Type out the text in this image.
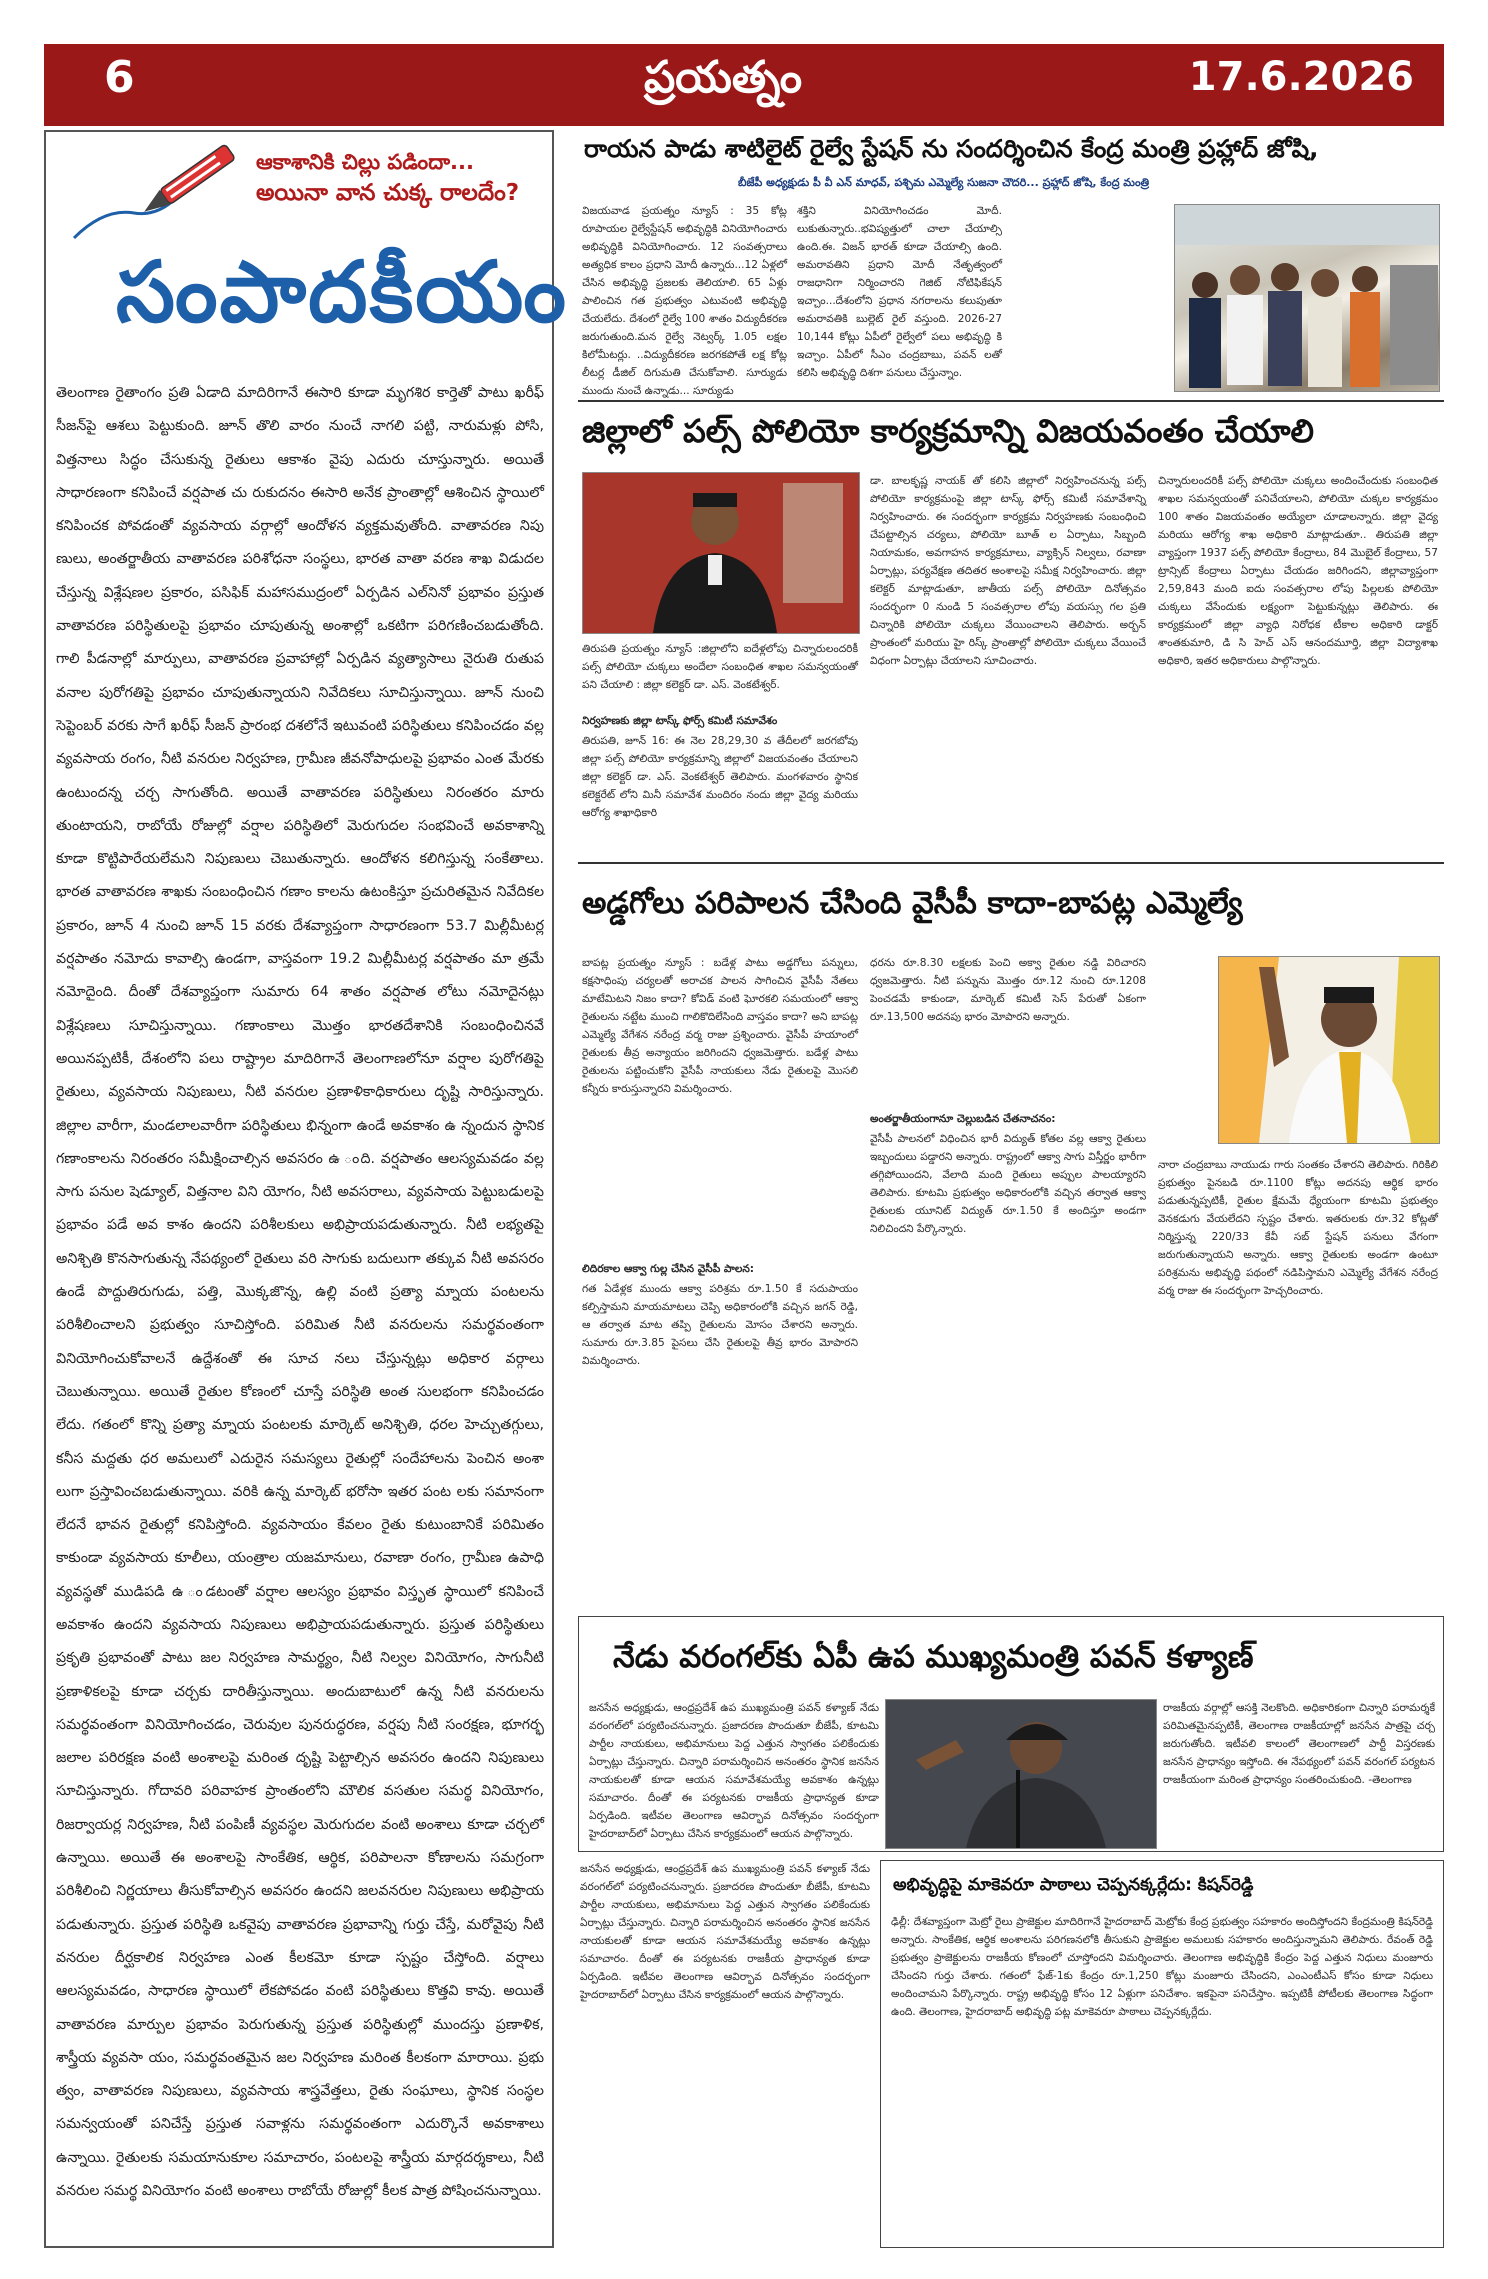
6	ప్రయత్నం	17.6.2026
ఆకాశానికి చిల్లు పడిందా...
అయినా వాన చుక్క రాలదేం?
సంపాదకీయం
తెలంగాణ రైతాంగం ప్రతి ఏడాది మాదిరిగానే ఈసారి కూడా మృగశిర కార్తెతో పాటు ఖరీఫ్ సీజన్‌పై ఆశలు పెట్టుకుంది. జూన్ తొలి వారం నుంచే నాగలి పట్టి, నారుమళ్లు పోసి, విత్తనాలు సిద్ధం చేసుకున్న రైతులు ఆకాశం వైపు ఎదురు చూస్తున్నారు. అయితే సాధారణంగా కనిపించే వర్షపాత చు రుకుదనం ఈసారి అనేక ప్రాంతాల్లో ఆశించిన స్థాయిలో కనిపించక పోవడంతో వ్యవసాయ వర్గాల్లో ఆందోళన వ్యక్తమవుతోంది. వాతావరణ నిపు ణులు, అంతర్జాతీయ వాతావరణ పరిశోధనా సంస్థలు, భారత వాతా వరణ శాఖ విడుదల చేస్తున్న విశ్లేషణల ప్రకారం, పసిఫిక్ మహాసముద్రంలో ఏర్పడిన ఎల్‌నినో ప్రభావం ప్రస్తుత వాతావరణ పరిస్థితులపై ప్రభావం చూపుతున్న అంశాల్లో ఒకటిగా పరిగణించబడుతోంది. గాలి పీడనాల్లో మార్పులు, వాతావరణ ప్రవాహాల్లో ఏర్పడిన వ్యత్యాసాలు నైరుతి రుతుప వనాల పురోగతిపై ప్రభావం చూపుతున్నాయని నివేదికలు సూచిస్తున్నాయి. జూన్ నుంచి సెప్టెంబర్ వరకు సాగే ఖరీఫ్ సీజన్ ప్రారంభ దశలోనే ఇటువంటి పరిస్థితులు కనిపించడం వల్ల వ్యవసాయ రంగం, నీటి వనరుల నిర్వహణ, గ్రామీణ జీవనోపాధులపై ప్రభావం ఎంత మేరకు ఉంటుందన్న చర్చ సాగుతోంది. అయితే వాతావరణ పరిస్థితులు నిరంతరం మారు తుంటాయని, రాబోయే రోజుల్లో వర్షాల పరిస్థితిలో మెరుగుదల సంభవించే అవకాశాన్ని కూడా కొట్టిపారేయలేమని నిపుణులు చెబుతున్నారు. ఆందోళన కలిగిస్తున్న సంకేతాలు. భారత వాతావరణ శాఖకు సంబంధించిన గణాం కాలను ఉటంకిస్తూ ప్రచురితమైన నివేదికల ప్రకారం, జూన్ 4 నుంచి జూన్ 15 వరకు దేశవ్యాప్తంగా సాధారణంగా 53.7 మిల్లీమీటర్ల వర్షపాతం నమోదు కావాల్సి ఉండగా, వాస్తవంగా 19.2 మిల్లీమీటర్ల వర్షపాతం మా త్రమే నమోదైంది. దీంతో దేశవ్యాప్తంగా సుమారు 64 శాతం వర్షపాత లోటు నమోదైనట్లు విశ్లేషణలు సూచిస్తున్నాయి. గణాంకాలు మొత్తం భారతదేశానికి సంబంధించినవే అయినప్పటికీ, దేశంలోని పలు రాష్ట్రాల మాదిరిగానే తెలంగాణలోనూ వర్షాల పురోగతిపై రైతులు, వ్యవసాయ నిపుణులు, నీటి వనరుల ప్రణాళికాధికారులు దృష్టి సారిస్తున్నారు. జిల్లాల వారీగా, మండలాలవారీగా పరిస్థితులు భిన్నంగా ఉండే అవకాశం ఉ న్నందున స్థానిక గణాంకాలను నిరంతరం సమీక్షించాల్సిన అవసరం ఉ ంది. వర్షపాతం ఆలస్యమవడం వల్ల సాగు పనుల షెడ్యూల్, విత్తనాల విని యోగం, నీటి అవసరాలు, వ్యవసాయ పెట్టుబడులపై ప్రభావం పడే అవ కాశం ఉందని పరిశీలకులు అభిప్రాయపడుతున్నారు. నీటి లభ్యతపై అనిశ్చితి కొనసాగుతున్న నేపథ్యంలో రైతులు వరి సాగుకు బదులుగా తక్కువ నీటి అవసరం ఉండే పొద్దుతిరుగుడు, పత్తి, మొక్కజొన్న, ఉల్లి వంటి ప్రత్యా మ్నాయ పంటలను పరిశీలించాలని ప్రభుత్వం సూచిస్తోంది. పరిమిత నీటి వనరులను సమర్థవంతంగా వినియోగించుకోవాలనే ఉద్దేశంతో ఈ సూచ నలు చేస్తున్నట్లు అధికార వర్గాలు చెబుతున్నాయి. అయితే రైతుల కోణంలో చూస్తే పరిస్థితి అంత సులభంగా కనిపించడం లేదు. గతంలో కొన్ని ప్రత్యా మ్నాయ పంటలకు మార్కెట్ అనిశ్చితి, ధరల హెచ్చుతగ్గులు, కనీస మద్దతు ధర అమలులో ఎదురైన సమస్యలు రైతుల్లో సందేహాలను పెంచిన అంశా లుగా ప్రస్తావించబడుతున్నాయి. వరికి ఉన్న మార్కెట్ భరోసా ఇతర పంట లకు సమానంగా లేదనే భావన రైతుల్లో కనిపిస్తోంది. వ్యవసాయం కేవలం రైతు కుటుంబానికే పరిమితం కాకుండా వ్యవసాయ కూలీలు, యంత్రాల యజమానులు, రవాణా రంగం, గ్రామీణ ఉపాధి వ్యవస్థతో ముడిపడి ఉ ండటంతో వర్షాల ఆలస్యం ప్రభావం విస్తృత స్థాయిలో కనిపించే అవకాశం ఉందని వ్యవసాయ నిపుణులు అభిప్రాయపడుతున్నారు. ప్రస్తుత పరిస్థితులు ప్రకృతి ప్రభావంతో పాటు జల నిర్వహణ సామర్థ్యం, నీటి నిల్వల వినియోగం, సాగునీటి ప్రణాళికలపై కూడా చర్చకు దారితీస్తున్నాయి. అందుబాటులో ఉన్న నీటి వనరులను సమర్థవంతంగా వినియోగించడం, చెరువుల పునరుద్ధరణ, వర్షపు నీటి సంరక్షణ, భూగర్భ జలాల పరిరక్షణ వంటి అంశాలపై మరింత దృష్టి పెట్టాల్సిన అవసరం ఉందని నిపుణులు సూచిస్తున్నారు. గోదావరి పరివాహక ప్రాంతంలోని మౌలిక వసతుల సమర్థ వినియోగం, రిజర్వాయర్ల నిర్వహణ, నీటి పంపిణీ వ్యవస్థల మెరుగుదల వంటి అంశాలు కూడా చర్చలో ఉన్నాయి. అయితే ఈ అంశాలపై సాంకేతిక, ఆర్థిక, పరిపాలనా కోణాలను సమగ్రంగా పరిశీలించి నిర్ణయాలు తీసుకోవాల్సిన అవసరం ఉందని జలవనరుల నిపుణులు అభిప్రాయ పడుతున్నారు. ప్రస్తుత పరిస్థితి ఒకవైపు వాతావరణ ప్రభావాన్ని గుర్తు చేస్తే, మరోవైపు నీటి వనరుల దీర్ఘకాలిక నిర్వహణ ఎంత కీలకమో కూడా స్పష్టం చేస్తోంది. వర్షాలు ఆలస్యమవడం, సాధారణ స్థాయిలో లేకపోవడం వంటి పరిస్థితులు కొత్తవి కావు. అయితే వాతావరణ మార్పుల ప్రభావం పెరుగుతున్న ప్రస్తుత పరిస్థితుల్లో ముందస్తు ప్రణాళిక, శాస్త్రీయ వ్యవసా యం, సమర్థవంతమైన జల నిర్వహణ మరింత కీలకంగా మారాయి. ప్రభు త్వం, వాతావరణ నిపుణులు, వ్యవసాయ శాస్త్రవేత్తలు, రైతు సంఘాలు, స్థానిక సంస్థల సమన్వయంతో పనిచేస్తే ప్రస్తుత సవాళ్లను సమర్థవంతంగా ఎదుర్కొనే అవకాశాలు ఉన్నాయి. రైతులకు సమయానుకూల సమాచారం, పంటలపై శాస్త్రీయ మార్గదర్శకాలు, నీటి వనరుల సమర్థ వినియోగం వంటి అంశాలు రాబోయే రోజుల్లో కీలక పాత్ర పోషించనున్నాయి.
రాయన పాడు శాటిలైట్ రైల్వే స్టేషన్ ను సందర్శించిన కేంద్ర మంత్రి ప్రహ్లాద్ జోషి,
బీజేపీ అధ్యక్షుడు పీ వీ ఎన్ మాధవ్, పశ్చిమ ఎమ్మెల్యే సుజనా చౌదరి... ప్రహ్లాద్ జోషి, కేంద్ర మంత్రి
విజయవాడ ప్రయత్నం న్యూస్ : 35 కోట్ల రూపాయల రైల్వేస్టేషన్ అభివృద్ధికి వినియోగించారు అభివృద్ధికి వినియోగించారు. 12 సంవత్సరాలు అత్యధిక కాలం ప్రధాని మోదీ ఉన్నారు...12 ఏళ్లలో చేసిన అభివృద్ధి ప్రజలకు తెలియాలి. 65 ఏళ్లు పాలించిన గత ప్రభుత్వం ఎటువంటి అభివృద్ధి చేయలేదు. దేశంలో రైల్వే 100 శాతం విద్యుదీకరణ జరుగుతుంది.మన రైల్వే నెట్వర్క్ 1.05 లక్షల కిలోమీటర్లు. ..విద్యుదీకరణ జరగకపోతే లక్ష కోట్ల లీటర్ల డీజిల్ దిగుమతి చేసుకోవాలి. సూర్యుడు ముందు నుంచే ఉన్నాడు... సూర్యుడు
శక్తిని వినియోగించడం మోదీ. లుకుతున్నారు..భవిష్యత్తులో చాలా చేయాల్సి ఉంది.ఈ. విజన్ భారత్ కూడా చేయాల్సి ఉంది. అమరావతిని ప్రధాని మోదీ నేతృత్వంలో రాజధానిగా నిర్మించారని గెజిట్ నోటిఫికేషన్ ఇచ్చాం...దేశంలోని ప్రధాన నగరాలను కలుపుతూ అమరావతికి బుల్లెట్ రైల్ వస్తుంది. 2026-27 10,144 కోట్లు ఏపీలో రైల్వేలో పలు అభివృద్ధి కి ఇచ్చాం. ఏపీలో సీఎం చంద్రబాబు, పవన్ లతో కలిసి అభివృద్ధి దిశగా పనులు చేస్తున్నాం.
జిల్లాలో పల్స్ పోలియో కార్యక్రమాన్ని విజయవంతం చేయాలి
తిరుపతి ప్రయత్నం న్యూస్ :జిల్లాలోని ఐదేళ్లలోపు చిన్నారులందరికీ పల్స్ పోలియో చుక్కలు అందేలా సంబంధిత శాఖల సమన్వయంతో పని చేయాలి : జిల్లా కలెక్టర్ డా. ఎస్. వెంకటేశ్వర్.
నిర్వహణకు జిల్లా టాస్క్ ఫోర్స్ కమిటీ సమావేశం
తిరుపతి, జూన్ 16: ఈ నెల 28,29,30 వ తేదీలలో జరగబోవు జిల్లా పల్స్ పోలియో కార్యక్రమాన్ని జిల్లాలో విజయవంతం చేయాలని జిల్లా కలెక్టర్ డా. ఎస్. వెంకటేశ్వర్ తెలిపారు. మంగళవారం స్థానిక కలెక్టరేట్ లోని మినీ సమావేశ మందిరం నందు జిల్లా వైద్య మరియు ఆరోగ్య శాఖాధికారి
డా. బాలకృష్ణ నాయక్ తో కలిసి జిల్లాలో నిర్వహించనున్న పల్స్ పోలియో కార్యక్రమంపై జిల్లా టాస్క్ ఫోర్స్ కమిటీ సమావేశాన్ని నిర్వహించారు. ఈ సందర్భంగా కార్యక్రమ నిర్వహణకు సంబంధించి చేపట్టాల్సిన చర్యలు, పోలియో బూత్ ల ఏర్పాటు, సిబ్బంది నియామకం, అవగాహన కార్యక్రమాలు, వ్యాక్సిన్ నిల్వలు, రవాణా ఏర్పాట్లు, పర్యవేక్షణ తదితర అంశాలపై సమీక్ష నిర్వహించారు. జిల్లా కలెక్టర్ మాట్లాడుతూ, జాతీయ పల్స్ పోలియో దినోత్సవం సందర్భంగా 0 నుండి 5 సంవత్సరాల లోపు వయస్సు గల ప్రతి చిన్నారికి పోలియో చుక్కలు వేయించాలని తెలిపారు. అర్బన్ ప్రాంతంలో మరియు హై రిస్క్ ప్రాంతాల్లో పోలియో చుక్కలు వేయించే విధంగా ఏర్పాట్లు చేయాలని సూచించారు.
చిన్నారులందరికీ పల్స్ పోలియో చుక్కలు అందించేందుకు సంబంధిత శాఖల సమన్వయంతో పనిచేయాలని, పోలియో చుక్కల కార్యక్రమం 100 శాతం విజయవంతం అయ్యేలా చూడాలన్నారు. జిల్లా వైద్య మరియు ఆరోగ్య శాఖ అధికారి మాట్లాడుతూ.. తిరుపతి జిల్లా వ్యాప్తంగా 1937 పల్స్ పోలియో కేంద్రాలు, 84 మొబైల్ కేంద్రాలు, 57 ట్రాన్సిట్ కేంద్రాలు ఏర్పాటు చేయడం జరిగిందని, జిల్లావ్యాప్తంగా 2,59,843 మంది ఐదు సంవత్సరాల లోపు పిల్లలకు పోలియో చుక్కలు వేసేందుకు లక్ష్యంగా పెట్టుకున్నట్లు తెలిపారు. ఈ కార్యక్రమంలో జిల్లా వ్యాధి నిరోధక టీకాల అధికారి డాక్టర్ శాంతకుమారి, డి సి హెచ్ ఎస్ ఆనందమూర్తి, జిల్లా విద్యాశాఖ అధికారి, ఇతర అధికారులు పాల్గొన్నారు.
అడ్డగోలు పరిపాలన చేసింది వైసీపీ కాదా-బాపట్ల ఎమ్మెల్యే
బాపట్ల ప్రయత్నం న్యూస్ : బడేళ్ల పాటు అడ్డగోలు పన్నులు, కక్షసాధింపు చర్యలతో అరాచక పాలన సాగించిన వైసీపీ నేతలు మాటేమిటని నిజం కాదా? కోవిడ్ వంటి ఘోరకలి సమయంలో ఆక్వా రైతులను నట్టేట ముంచి గాలికొదిలేసింది వాస్తవం కాదా? అని బాపట్ల ఎమ్మెల్యే వేగేశన నరేంద్ర వర్మ రాజు ప్రశ్నించారు. వైసీపీ హయాంలో రైతులకు తీవ్ర అన్యాయం జరిగిందని ధ్వజమెత్తారు. బడేళ్ల పాటు రైతులను పట్టించుకోని వైసీపీ నాయకులు నేడు రైతులపై మొసలి కన్నీరు కారుస్తున్నారని విమర్శించారు.
లిదిరకాల ఆక్వా గుల్ల చేసిన వైసీపీ పాలన:
గత ఏడేళ్లక ముందు ఆక్వా పరిశ్రమ రూ.1.50 కే సదుపాయం కల్పిస్తామని మాయమాటలు చెప్పి అధికారంలోకి వచ్చిన జగన్ రెడ్డి, ఆ తర్వాత మాట తప్పి రైతులను మోసం చేశారని అన్నారు. సుమారు రూ.3.85 పైసలు చేసి రైతులపై తీవ్ర భారం మోపారని విమర్శించారు.
ధరను రూ.8.30 లక్షలకు పెంచి అక్వా రైతుల నడ్డి విరిచారని ధ్వజమెత్తారు. నీటి పన్నును మొత్తం రూ.12 నుంచి రూ.1208 పెంచడమే కాకుండా, మార్కెట్ కమిటీ సెస్ పేరుతో ఏకంగా రూ.13,500 అదనపు భారం మోపారని అన్నారు.
అంతర్జాతీయంగానూ చెల్లుబడిన చేతనాచనం:
వైసీపీ పాలనలో విధించిన భారీ విద్యుత్ కోతల వల్ల ఆక్వా రైతులు ఇబ్బందులు పడ్డారని అన్నారు. రాష్ట్రంలో ఆక్వా సాగు విస్తీర్ణం భారీగా తగ్గిపోయిందని, వేలాది మంది రైతులు అప్పుల పాలయ్యారని తెలిపారు. కూటమి ప్రభుత్వం అధికారంలోకి వచ్చిన తర్వాత ఆక్వా రైతులకు యూనిట్ విద్యుత్ రూ.1.50 కే అందిస్తూ అండగా నిలిచిందని పేర్కొన్నారు.
నారా చంద్రబాబు నాయుడు గారు సంతకం చేశారని తెలిపారు. గిరికిలి ప్రభుత్వం పైనబడి రూ.1100 కోట్లు అదనపు ఆర్థిక భారం పడుతున్నప్పటికీ, రైతుల క్షేమమే ధ్యేయంగా కూటమి ప్రభుత్వం వెనకడుగు వేయలేదని స్పష్టం చేశారు. ఇతరులకు రూ.32 కోట్లతో నిర్మిస్తున్న 220/33 కేవీ సబ్ స్టేషన్ పనులు వేగంగా జరుగుతున్నాయని అన్నారు. ఆక్వా రైతులకు అండగా ఉంటూ పరిశ్రమను అభివృద్ధి పథంలో నడిపిస్తామని ఎమ్మెల్యే వేగేశన నరేంద్ర వర్మ రాజు ఈ సందర్భంగా హెచ్చరించారు.
నేడు వరంగల్‌కు ఏపీ ఉప ముఖ్యమంత్రి పవన్ కళ్యాణ్
జనసేన అధ్యక్షుడు, ఆంధ్రప్రదేశ్ ఉప ముఖ్యమంత్రి పవన్ కళ్యాణ్ నేడు వరంగల్‌లో పర్యటించనున్నారు. ప్రజాదరణ పొందుతూ బీజేపీ, కూటమి పార్టీల నాయకులు, అభిమానులు పెద్ద ఎత్తున స్వాగతం పలికేందుకు ఏర్పాట్లు చేస్తున్నారు. చిన్నారి పరామర్శించిన అనంతరం స్థానిక జనసేన నాయకులతో కూడా ఆయన సమావేశమయ్యే అవకాశం ఉన్నట్లు సమాచారం. దీంతో ఈ పర్యటనకు రాజకీయ ప్రాధాన్యత కూడా ఏర్పడింది. ఇటీవల తెలంగాణ ఆవిర్భావ దినోత్సవం సందర్భంగా హైదరాబాద్‌లో ఏర్పాటు చేసిన కార్యక్రమంలో ఆయన పాల్గొన్నారు.
రాజకీయ వర్గాల్లో ఆసక్తి నెలకొంది. అధికారికంగా చిన్నారి పరామర్శకే పరిమితమైనప్పటికీ, తెలంగాణ రాజకీయాల్లో జనసేన పాత్రపై చర్చ జరుగుతోంది. ఇటీవలి కాలంలో తెలంగాణలో పార్టీ విస్తరణకు జనసేన ప్రాధాన్యం ఇస్తోంది. ఈ నేపథ్యంలో పవన్ వరంగల్ పర్యటన రాజకీయంగా మరింత ప్రాధాన్యం సంతరించుకుంది. -తెలంగాణ
అభివృద్ధిపై మాకెవరూ పాఠాలు చెప్పనక్కర్లేదు: కిషన్‌రెడ్డి
ఢిల్లీ: దేశవ్యాప్తంగా మెట్రో రైలు ప్రాజెక్టుల మాదిరిగానే హైదరాబాద్ మెట్రోకు కేంద్ర ప్రభుత్వం సహకారం అందిస్తోందని కేంద్రమంత్రి కిషన్‌రెడ్డి అన్నారు. సాంకేతిక, ఆర్థిక అంశాలను పరిగణనలోకి తీసుకుని ప్రాజెక్టుల అమలుకు సహకారం అందిస్తున్నామని తెలిపారు. రేవంత్ రెడ్డి ప్రభుత్వం ప్రాజెక్టులను రాజకీయ కోణంలో చూస్తోందని విమర్శించారు. తెలంగాణ అభివృద్ధికి కేంద్రం పెద్ద ఎత్తున నిధులు మంజూరు చేసిందని గుర్తు చేశారు. గతంలో ఫేజ్-1కు కేంద్రం రూ.1,250 కోట్లు మంజూరు చేసిందని, ఎంఎంటీఎస్ కోసం కూడా నిధులు అందించామని పేర్కొన్నారు. రాష్ట్ర అభివృద్ధి కోసం 12 ఏళ్లుగా పనిచేశాం. ఇకపైనా పనిచేస్తాం. ఇప్పటికీ పోటీలకు తెలంగాణ సిద్ధంగా ఉంది. తెలంగాణ, హైదరాబాద్ అభివృద్ధి పట్ల మాకెవరూ పాఠాలు చెప్పనక్కర్లేదు.
జనసేన అధ్యక్షుడు, ఆంధ్రప్రదేశ్ ఉప ముఖ్యమంత్రి పవన్ కళ్యాణ్ నేడు వరంగల్‌లో పర్యటించనున్నారు. ప్రజాదరణ పొందుతూ బీజేపీ, కూటమి పార్టీల నాయకులు, అభిమానులు పెద్ద ఎత్తున స్వాగతం పలికేందుకు ఏర్పాట్లు చేస్తున్నారు. చిన్నారి పరామర్శించిన అనంతరం స్థానిక జనసేన నాయకులతో కూడా ఆయన సమావేశమయ్యే అవకాశం ఉన్నట్లు సమాచారం. దీంతో ఈ పర్యటనకు రాజకీయ ప్రాధాన్యత కూడా ఏర్పడింది. ఇటీవల తెలంగాణ ఆవిర్భావ దినోత్సవం సందర్భంగా హైదరాబాద్‌లో ఏర్పాటు చేసిన కార్యక్రమంలో ఆయన పాల్గొన్నారు.
